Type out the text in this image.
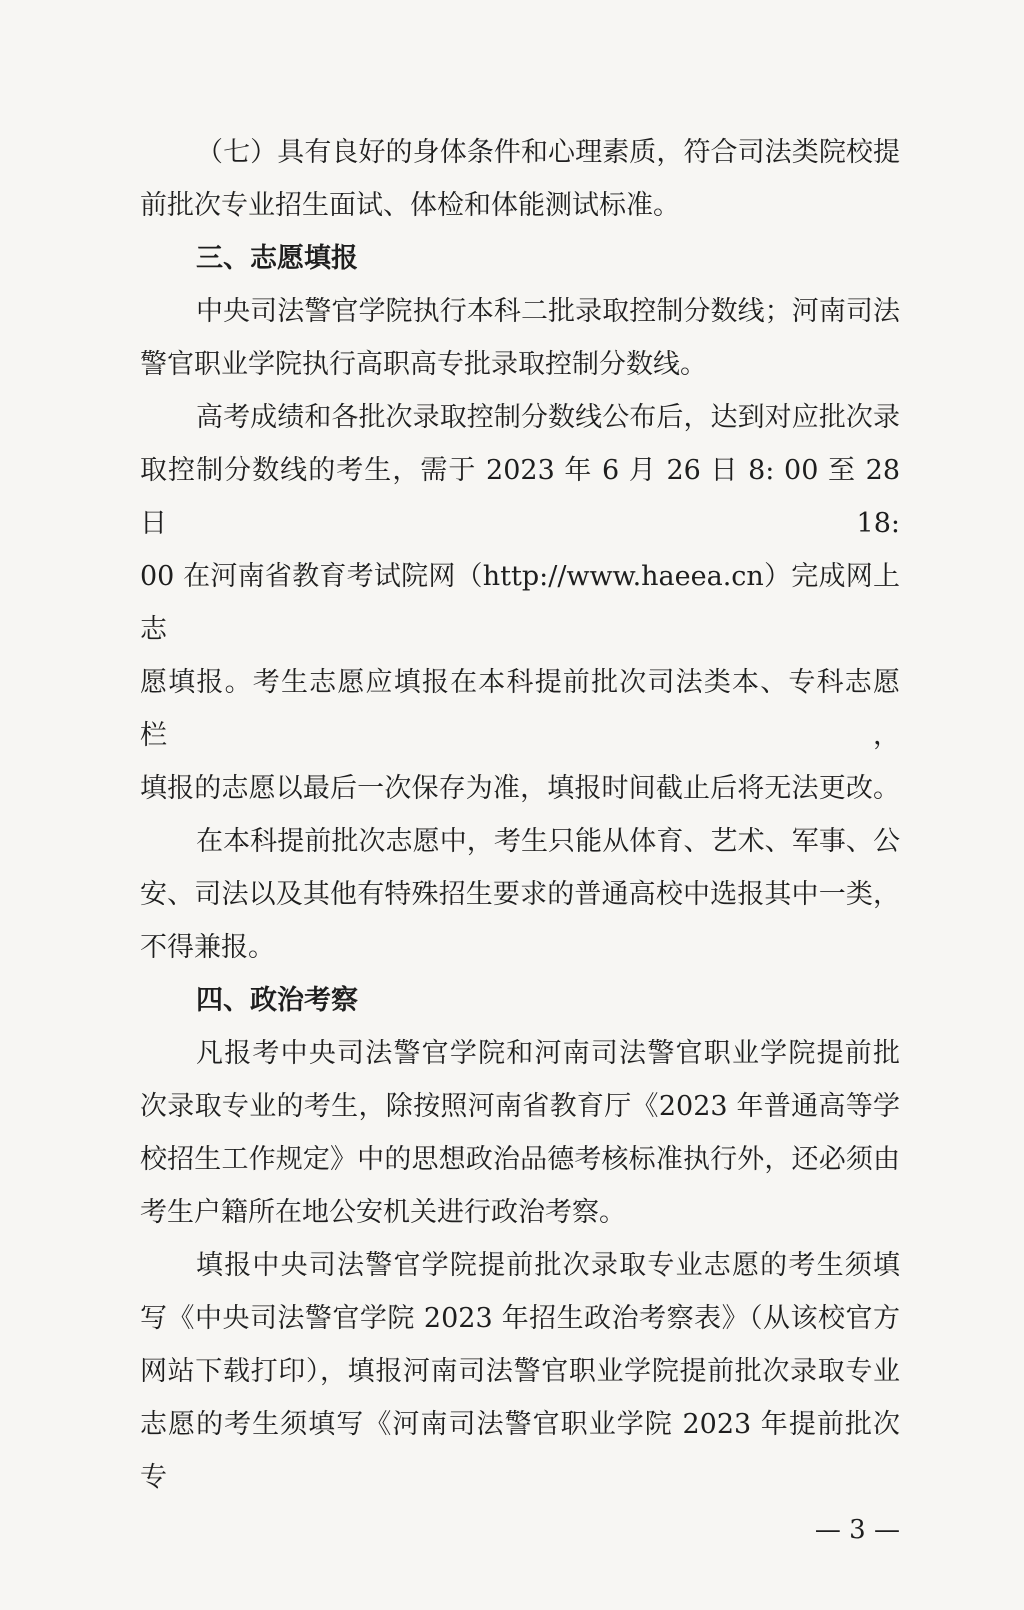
（七）具有良好的身体条件和心理素质，符合司法类院校提
前批次专业招生面试、体检和体能测试标准。
三、志愿填报
中央司法警官学院执行本科二批录取控制分数线；河南司法
警官职业学院执行高职高专批录取控制分数线。
高考成绩和各批次录取控制分数线公布后，达到对应批次录
取控制分数线的考生，需于 2023 年 6 月 26 日 8: 00 至 28 日 18:
00 在河南省教育考试院网（http://www.haeea.cn）完成网上志
愿填报。考生志愿应填报在本科提前批次司法类本、专科志愿栏，
填报的志愿以最后一次保存为准，填报时间截止后将无法更改。
在本科提前批次志愿中，考生只能从体育、艺术、军事、公
安、司法以及其他有特殊招生要求的普通高校中选报其中一类，
不得兼报。
四、政治考察
凡报考中央司法警官学院和河南司法警官职业学院提前批
次录取专业的考生，除按照河南省教育厅《2023 年普通高等学
校招生工作规定》中的思想政治品德考核标准执行外，还必须由
考生户籍所在地公安机关进行政治考察。
填报中央司法警官学院提前批次录取专业志愿的考生须填
写《中央司法警官学院 2023 年招生政治考察表》（从该校官方
网站下载打印），填报河南司法警官职业学院提前批次录取专业
志愿的考生须填写《河南司法警官职业学院 2023 年提前批次专
— 3 —
